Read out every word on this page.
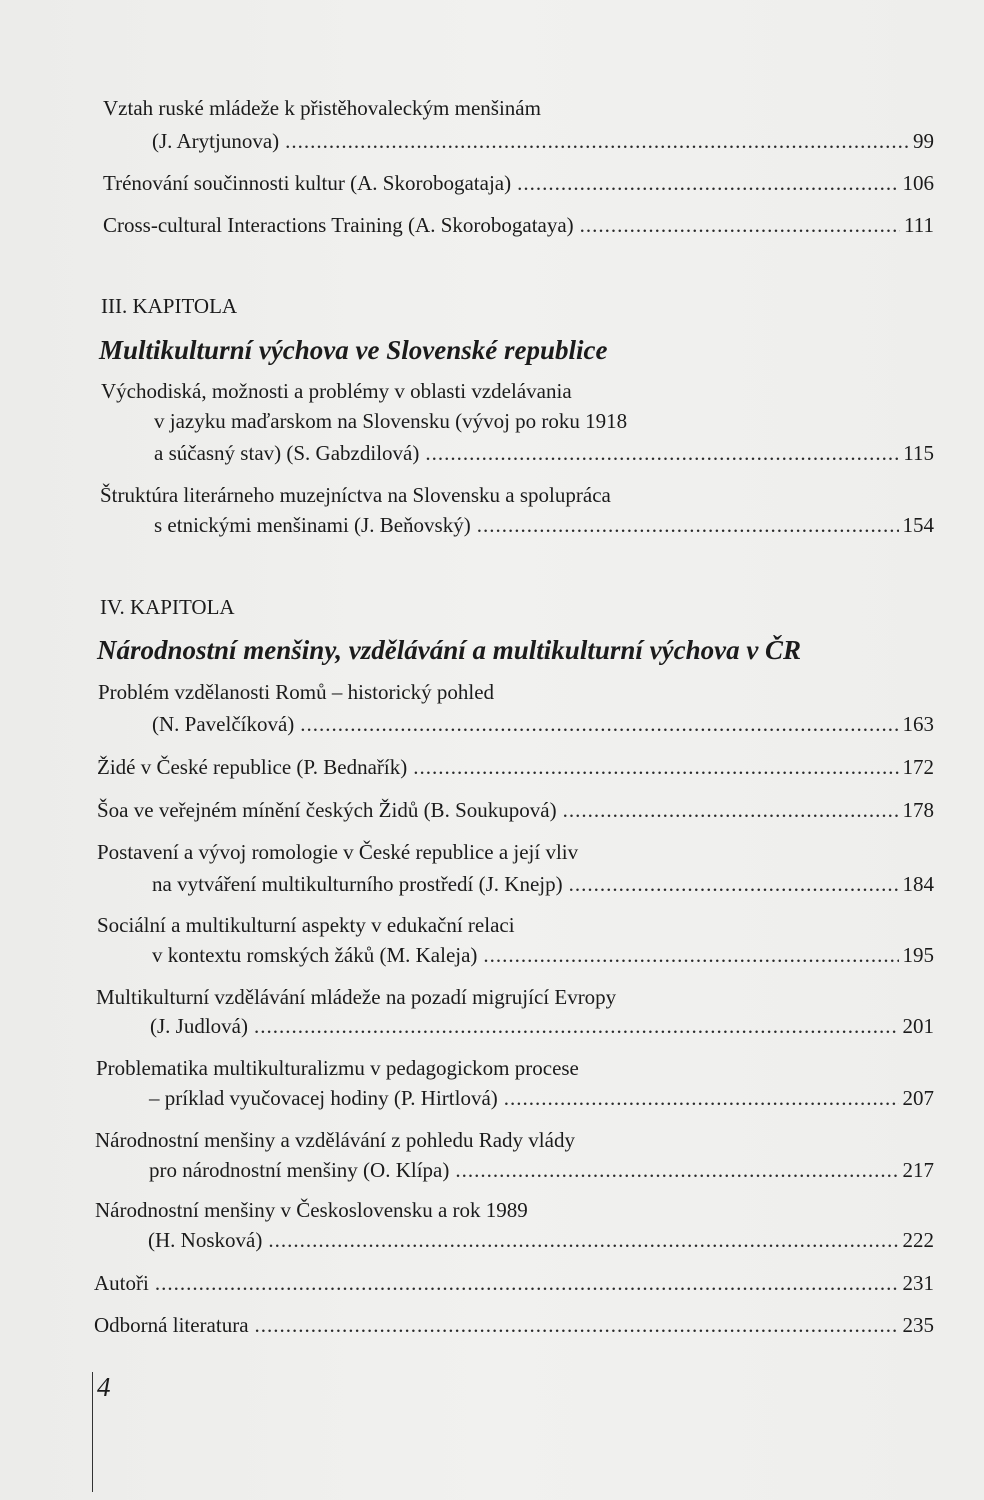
Vztah ruské mládeže k přistěhovaleckým menšinám
(J. Arytjunova) .....	99
Trénování součinnosti kultur (A. Skorobogataja) .....	106
Cross-cultural Interactions Training (A. Skorobogataya) .....	111
III. KAPITOLA
Multikulturní výchova ve Slovenské republice
Východiská, možnosti a problémy v oblasti vzdelávania
v jazyku maďarskom na Slovensku (vývoj po roku 1918
a súčasný stav) (S. Gabzdilová) .....	115
Štruktúra literárneho muzejníctva na Slovensku a spolupráca
s etnickými menšinami (J. Beňovský) .....	154
IV. KAPITOLA
Národnostní menšiny, vzdělávání a multikulturní výchova v ČR
Problém vzdělanosti Romů – historický pohled
(N. Pavelčíková) .....	163
Židé v České republice (P. Bednařík) .....	172
Šoa ve veřejném mínění českých Židů (B. Soukupová) .....	178
Postavení a vývoj romologie v České republice a její vliv
na vytváření multikulturního prostředí (J. Knejp) .....	184
Sociální a multikulturní aspekty v edukační relaci
v kontextu romských žáků (M. Kaleja) .....	195
Multikulturní vzdělávání mládeže na pozadí migrující Evropy
(J. Judlová) .....	201
Problematika multikulturalizmu v pedagogickom procese
– príklad vyučovacej hodiny (P. Hirtlová) .....	207
Národnostní menšiny a vzdělávání z pohledu Rady vlády
pro národnostní menšiny (O. Klípa) .....	217
Národnostní menšiny v Československu a rok 1989
(H. Nosková) .....	222
Autoři .....	231
Odborná literatura .....	235
4
